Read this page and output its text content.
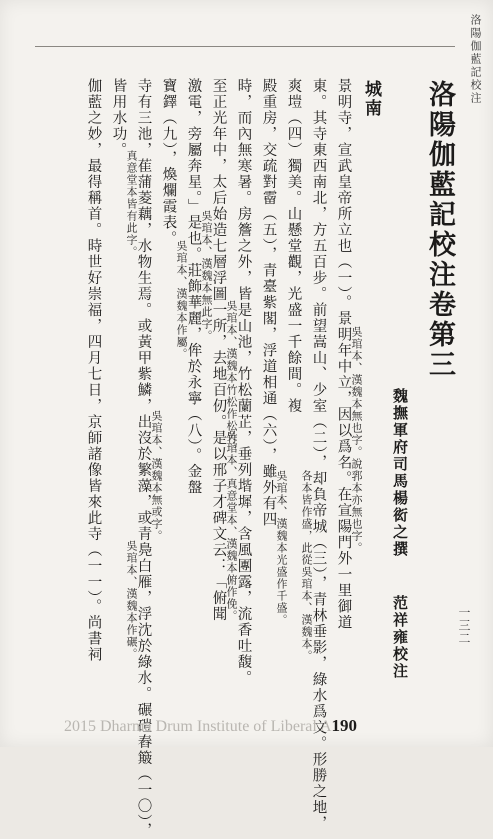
洛陽伽藍記校注
一三二
洛陽伽藍記校注卷第三
魏撫軍府司馬楊衒之撰
范祥雍校注
城南
景明寺，宣武皇帝所立也（一）。景明年中立，因以爲名。在宣陽門外一里御道
東。其寺東西南北，方五百步。前望嵩山、少室（二），却負帝城（三），青林垂影，綠水爲文。形勝之地，
爽塏（四）獨美。山懸堂觀，光盛一千餘間。複
殿重房，交疏對霤（五），青臺紫閣，浮道相通（六），雖外有四
時，而內無寒暑。房簷之外，皆是山池，竹松蘭芷，垂列堦墀，含風團露，流香吐馥。
至正光年中，太后始造七層浮圖一所，去地百仞。是以邢子才碑文云：「俯聞
激電，旁屬奔星。」是也。莊飾華麗，侔於永寧（八）。金盤
寶鐸（九），煥爛霞表。
寺有三池，萑蒲菱藕，水物生焉。或黃甲紫鱗，出沒於繁藻，或青鳧白雁，浮沈於綠水。碾磑舂簸（一〇），
皆用水功。
伽藍之妙，最得稱首。時世好崇福，四月七日，京師諸像皆來此寺（一一）。尚書祠	吳琯本、漢魏本無也字。說郛本亦無也字。
吳琯本、漢魏本光盛作千盛。 各本皆作盛，此從吳琯本、漢魏本。
吳琯本、漢魏本竹松作松竹。
吳琯本、漢魏本作屬。 吳琯本、漢魏本無此字。
吳琯本、真意堂本、漢魏本俯作俛。
真意堂本皆有此字。
吳琯本、漢魏本無或字。
吳琯本、漢魏本作碾。
2015 Dharma Drum Institute of Liberal A190
